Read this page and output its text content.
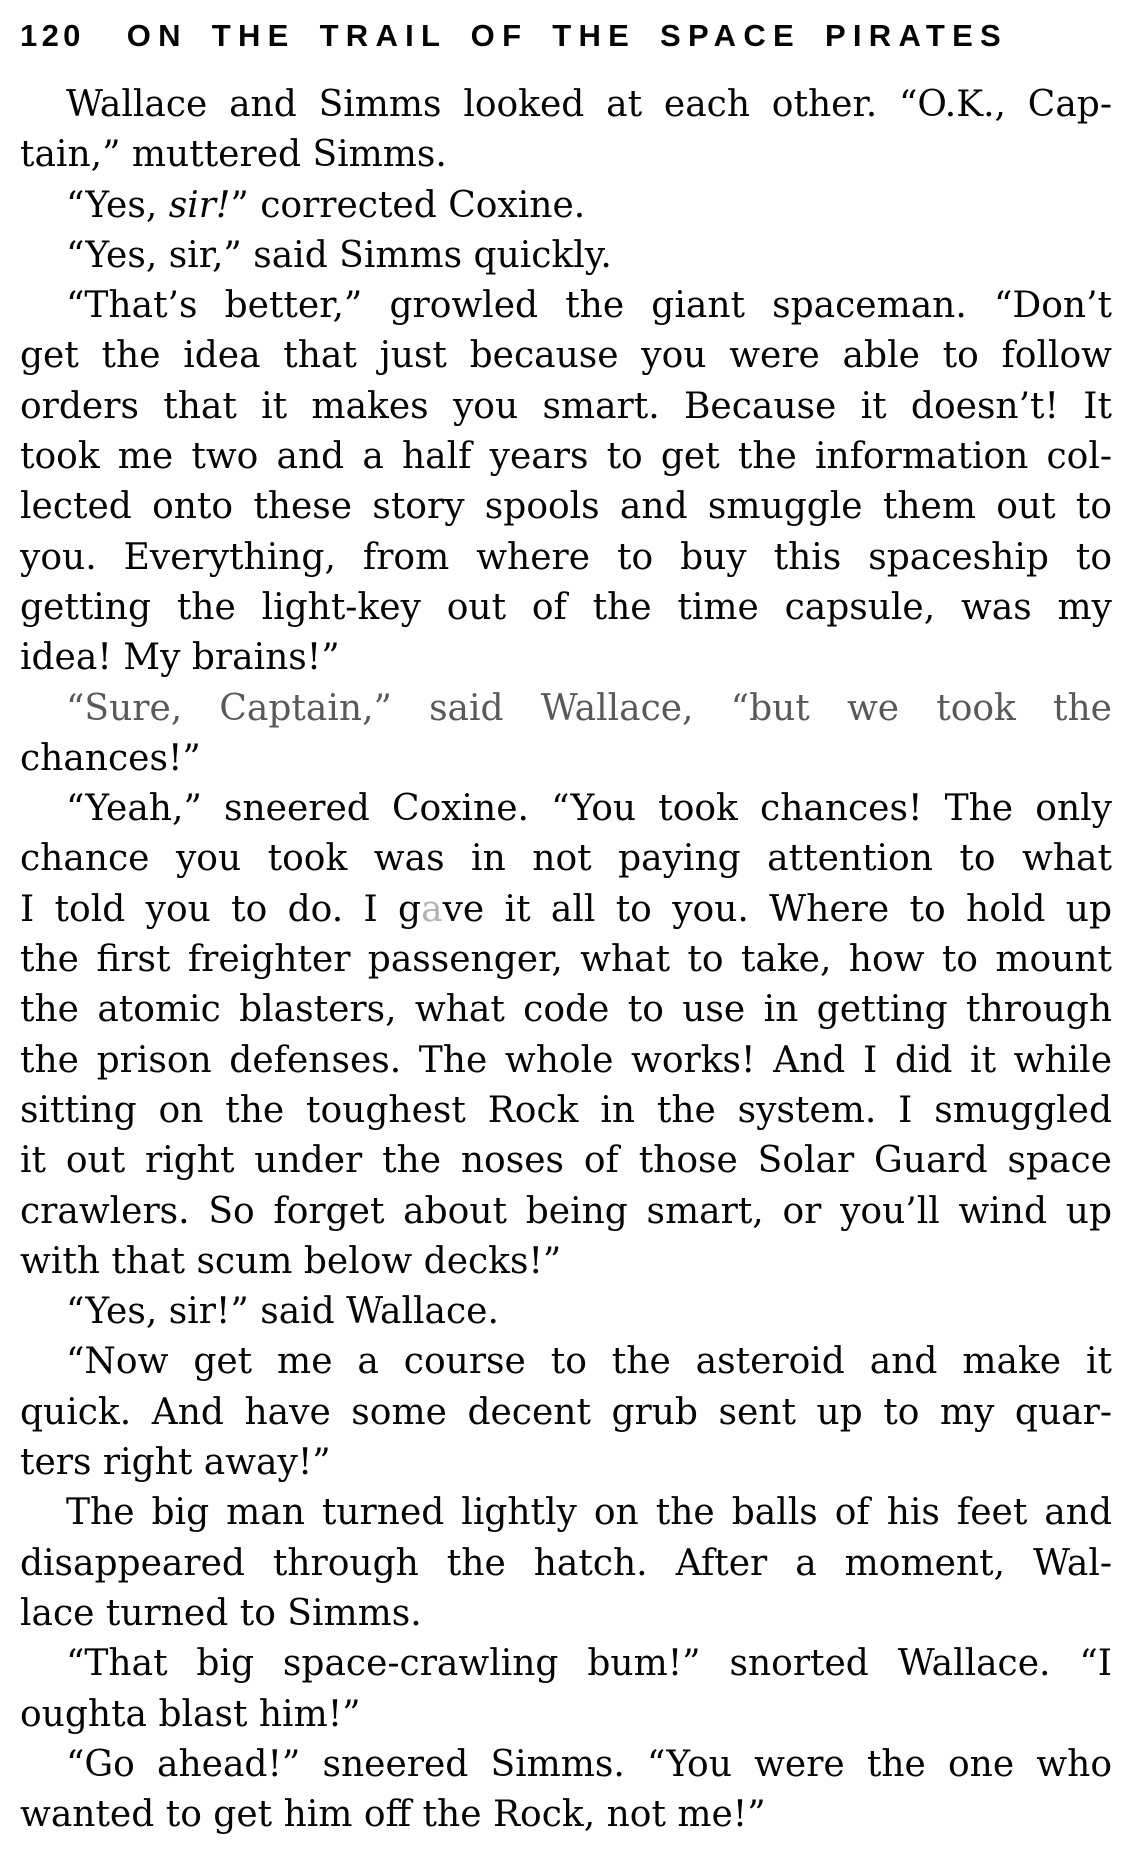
120 ON THE TRAIL OF THE SPACE PIRATES
Wallace and Simms looked at each other. “O.K., Cap-
tain,” muttered Simms.
“Yes, sir!” corrected Coxine.
“Yes, sir,” said Simms quickly.
“That’s better,” growled the giant spaceman. “Don’t
get the idea that just because you were able to follow
orders that it makes you smart. Because it doesn’t! It
took me two and a half years to get the information col-
lected onto these story spools and smuggle them out to
you. Everything, from where to buy this spaceship to
getting the light-key out of the time capsule, was my
idea! My brains!”
“Sure, Captain,” said Wallace, “but we took the
chances!”
“Yeah,” sneered Coxine. “You took chances! The only
chance you took was in not paying attention to what
I told you to do. I gave it all to you. Where to hold up
the first freighter passenger, what to take, how to mount
the atomic blasters, what code to use in getting through
the prison defenses. The whole works! And I did it while
sitting on the toughest Rock in the system. I smuggled
it out right under the noses of those Solar Guard space
crawlers. So forget about being smart, or you’ll wind up
with that scum below decks!”
“Yes, sir!” said Wallace.
“Now get me a course to the asteroid and make it
quick. And have some decent grub sent up to my quar-
ters right away!”
The big man turned lightly on the balls of his feet and
disappeared through the hatch. After a moment, Wal-
lace turned to Simms.
“That big space-crawling bum!” snorted Wallace. “I
oughta blast him!”
“Go ahead!” sneered Simms. “You were the one who
wanted to get him off the Rock, not me!”
